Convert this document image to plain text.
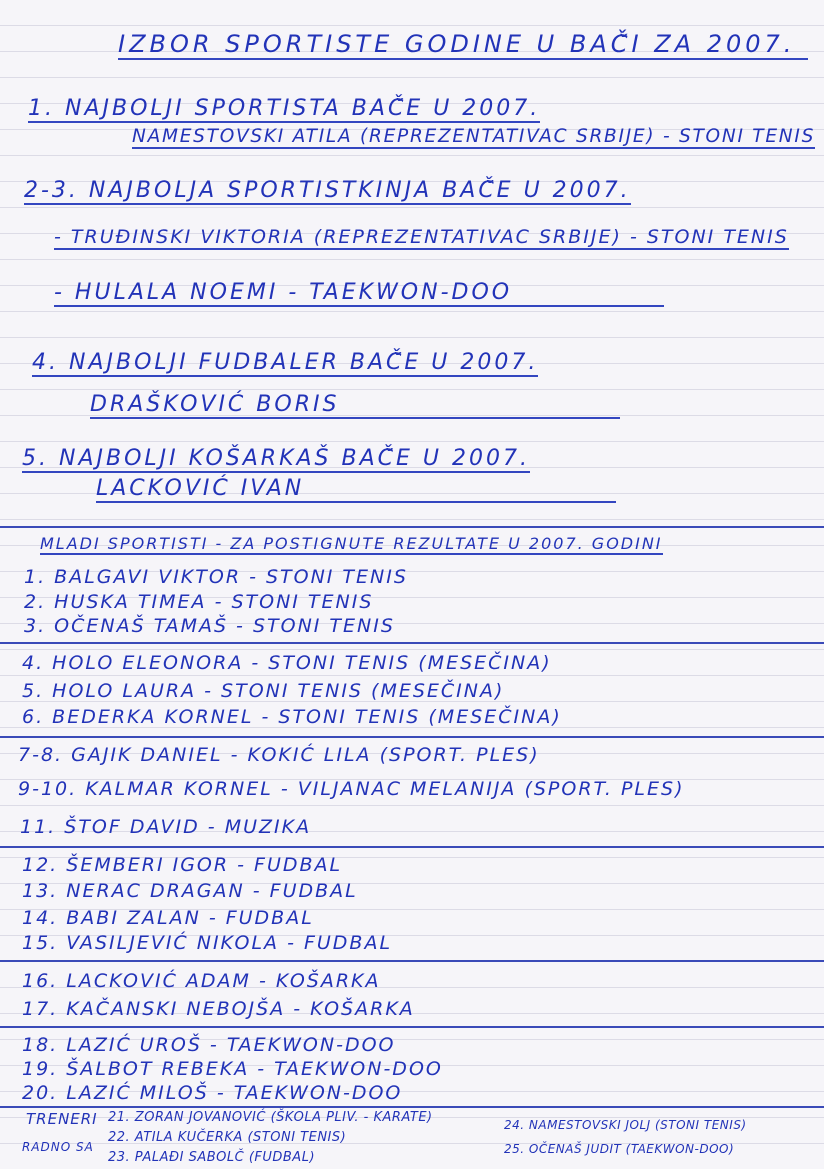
IZBOR SPORTISTE GODINE U BAČ̌I ZA 2007.
1. NAJBOLJI SPORTISTA BAČ̌E U 2007.
NAMESTOVSKI ATILA (REPREZENTATIVAC SRBIJE) - STONI TENIS
2-3. NAJBOLJA SPORTISTKINJA BAČ̌E U 2007.
- TRUĐINSKI VIKTORIA (REPREZENTATIVAC SRBIJE) - STONI TENIS
- HULALA NOEMI - TAEKWON-DOO
4. NAJBOLJI FUDBALER BAČ̌E U 2007.
DRAŠKOVIĆ BORIS
5. NAJBOLJI KOŠARKAŠ BAČ̌E U 2007.
LACKOVIĆ IVAN
MLADI SPORTISTI - ZA POSTIGNUTE REZULTATE U 2007. GODINI
1. BALGAVI VIKTOR - STONI TENIS
2. HUSKA TIMEA - STONI TENIS
3. OČENAŠ TAMAŠ - STONI TENIS
4. HOLO ELEONORA - STONI TENIS (MESEČINA)
5. HOLO LAURA - STONI TENIS (MESEČINA)
6. BEDERKA KORNEL - STONI TENIS (MESEČINA)
7-8. GAJIK DANIEL - KOKIĆ LILA (SPORT. PLES)
9-10. KALMAR KORNEL - VILJANAC MELANIJA (SPORT. PLES)
11. ŠTOF DAVID - MUZIKA
12. ŠEMBERI IGOR - FUDBAL
13. NERAC DRAGAN - FUDBAL
14. BABI ZALAN - FUDBAL
15. VASILJEVIĆ NIKOLA - FUDBAL
16. LACKOVIĆ ADAM - KOŠARKA
17. KAČANSKI NEBOJŠA - KOŠARKA
18. LAZIĆ UROŠ - TAEKWON-DOO
19. ŠALBOT REBEKA - TAEKWON-DOO
20. LAZIĆ MILOŠ - TAEKWON-DOO
TRENERI
RADNO SA
21. ZORAN JOVANOVIĆ (ŠKOLA PLIV. - KARATE)
22. ATILA KUČERKA (STONI TENIS)
23. PALAĐI SABOLČ (FUDBAL)
24. NAMESTOVSKI JOLJ (STONI TENIS)
25. OČENAŠ JUDIT (TAEKWON-DOO)
